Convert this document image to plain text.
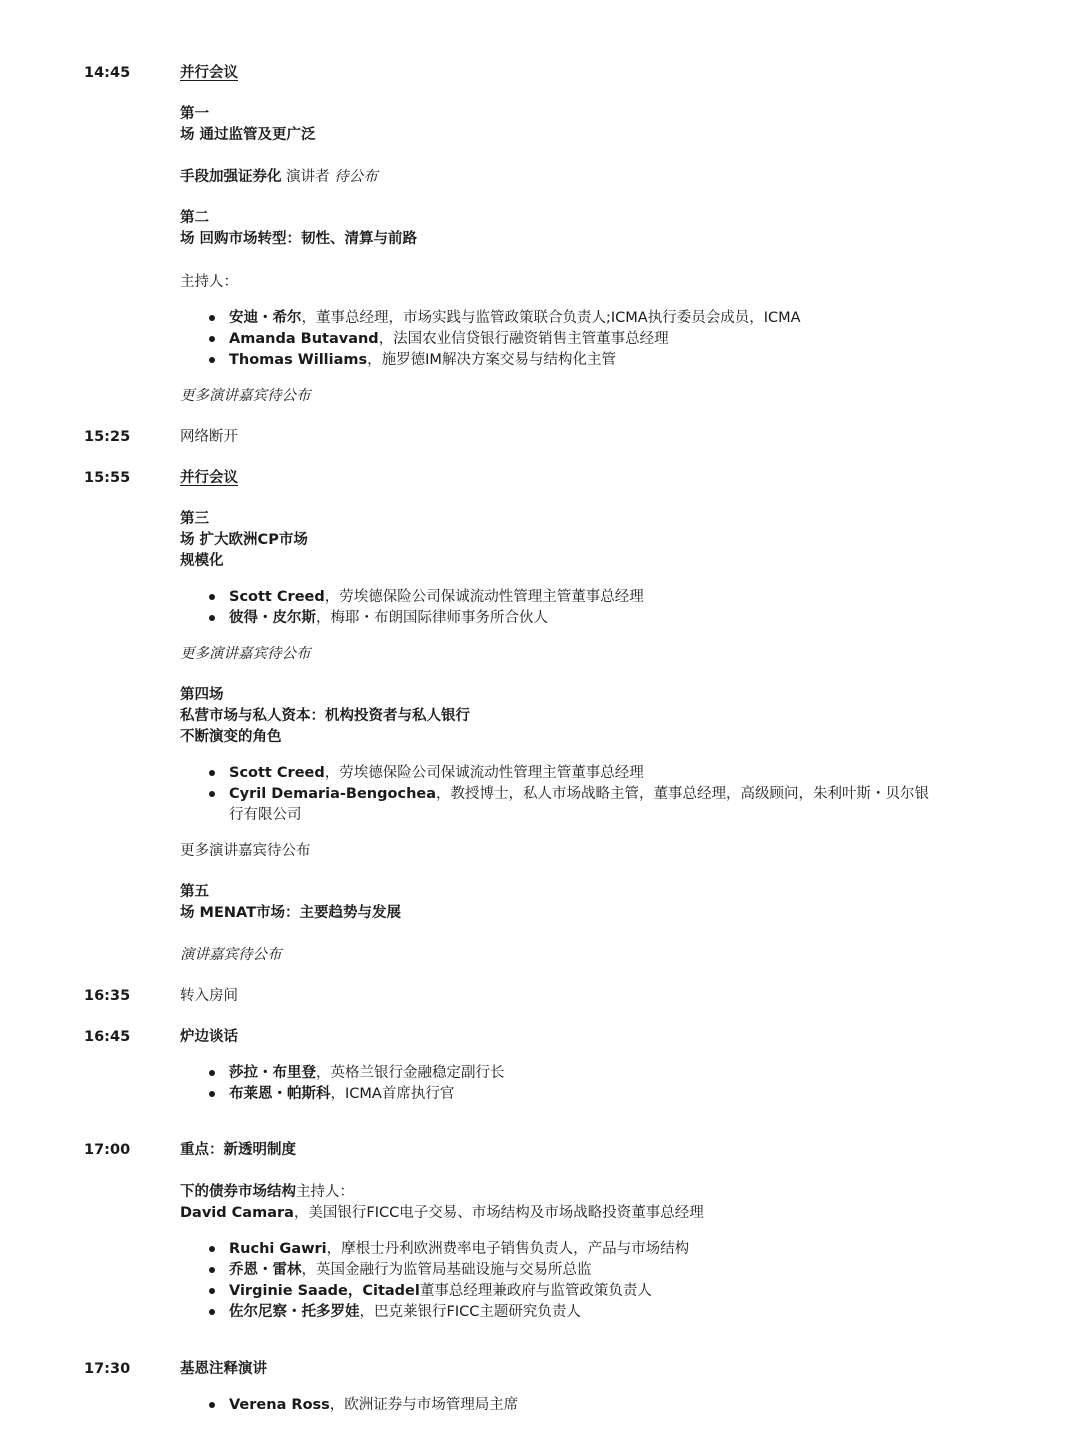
14:45	并行会议
第一
场 通过监管及更广泛
手段加强证券化 演讲者 待公布
第二
场 回购市场转型：韧性、清算与前路
主持人：
安迪・希尔，董事总经理，市场实践与监管政策联合负责人;ICMA执行委员会成员，ICMA
Amanda Butavand，法国农业信贷银行融资销售主管董事总经理
Thomas Williams，施罗德IM解决方案交易与结构化主管
更多演讲嘉宾待公布
15:25	网络断开
15:55	并行会议
第三
场 扩大欧洲CP市场
规模化
Scott Creed，劳埃德保险公司保诚流动性管理主管董事总经理
彼得・皮尔斯，梅耶・布朗国际律师事务所合伙人
更多演讲嘉宾待公布
第四场
私营市场与私人资本：机构投资者与私人银行
不断演变的角色
Scott Creed，劳埃德保险公司保诚流动性管理主管董事总经理
Cyril Demaria-Bengochea，教授博士，私人市场战略主管，董事总经理，高级顾问，朱利叶斯・贝尔银
行有限公司
更多演讲嘉宾待公布
第五
场 MENAT市场：主要趋势与发展
演讲嘉宾待公布
16:35	转入房间
16:45	炉边谈话
莎拉・布里登，英格兰银行金融稳定副行长
布莱恩・帕斯科，ICMA首席执行官
17:00	重点：新透明制度
下的债券市场结构主持人：
David Camara，美国银行FICC电子交易、市场结构及市场战略投资董事总经理
Ruchi Gawri，摩根士丹利欧洲费率电子销售负责人，产品与市场结构
乔恩・雷林，英国金融行为监管局基础设施与交易所总监
Virginie Saade，Citadel董事总经理兼政府与监管政策负责人
佐尔尼察・托多罗娃，巴克莱银行FICC主题研究负责人
17:30	基恩注释演讲
Verena Ross，欧洲证券与市场管理局主席
